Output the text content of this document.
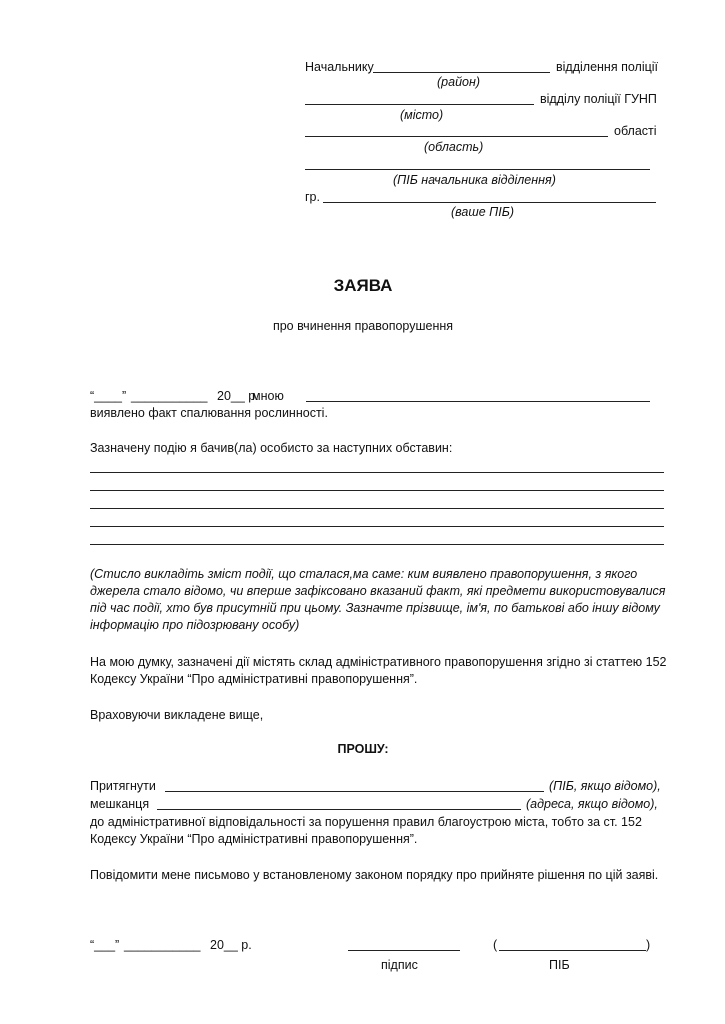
Начальнику	відділення поліції
(район)
відділу поліції ГУНП
(місто)
області
(область)
(ПІБ начальника відділення)
гр.
(ваше ПІБ)
ЗАЯВА
про вчинення правопорушення
“____” ___________ 20__ р.
мною
виявлено факт спалювання рослинності.
Зазначену подію я бачив(ла) особисто за наступних обставин:
(Стисло викладіть зміст події, що сталася,ма саме: ким виявлено правопорушення, з якого джерела стало відомо, чи вперше зафіксовано вказаний факт, які предмети використовувалися під час події, хто був присутній при цьому. Зазначте прізвище, ім'я, по батькові або іншу відому інформацію про підозрювану особу)
На мою думку, зазначені дії містять склад адміністративного правопорушення згідно зі статтею 152 Кодексу України “Про адміністративні правопорушення”.
Враховуючи викладене вище,
ПРОШУ:
Притягнути	(ПІБ, якщо відомо),
мешканця	(адреса, якщо відомо),
до адміністративної відповідальності за порушення правил благоустрою міста, тобто за ст. 152 Кодексу України “Про адміністративні правопорушення”.
Повідомити мене письмово у встановленому законом порядку про прийняте рішення по цій заяві.
“___” ___________ 20__ р.	(	)
підпис	ПІБ
